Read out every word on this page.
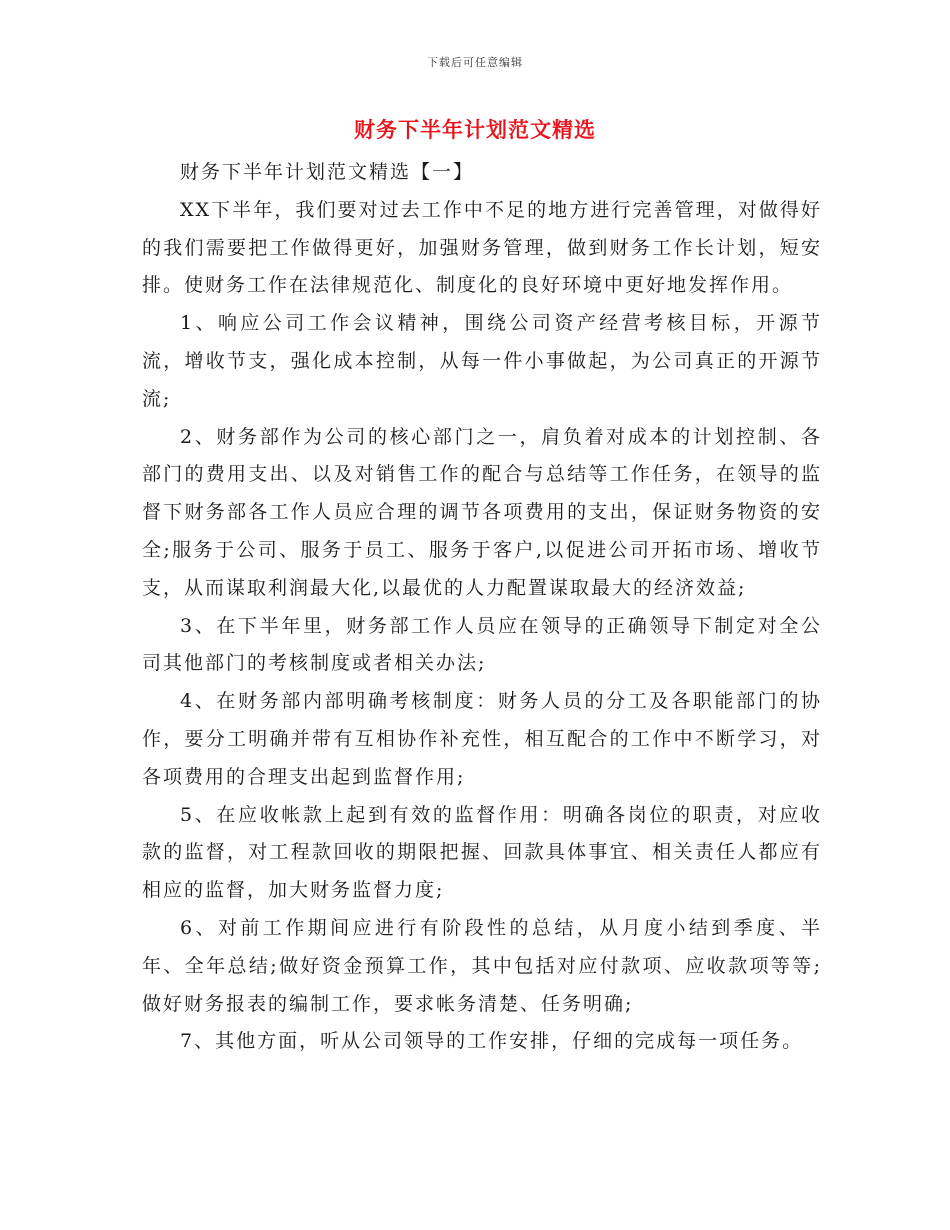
下载后可任意编辑
财务下半年计划范文精选

财务下半年计划范文精选【一】

XX下半年，我们要对过去工作中不足的地方进行完善管理，对做得好的我们需要把工作做得更好，加强财务管理，做到财务工作长计划，短安排。使财务工作在法律规范化、制度化的良好环境中更好地发挥作用。

1、响应公司工作会议精神，围绕公司资产经营考核目标，开源节流，增收节支，强化成本控制，从每一件小事做起，为公司真正的开源节流;

2、财务部作为公司的核心部门之一，肩负着对成本的计划控制、各部门的费用支出、以及对销售工作的配合与总结等工作任务，在领导的监督下财务部各工作人员应合理的调节各项费用的支出，保证财务物资的安全;服务于公司、服务于员工、服务于客户,以促进公司开拓市场、增收节支，从而谋取利润最大化,以最优的人力配置谋取最大的经济效益;

3、在下半年里，财务部工作人员应在领导的正确领导下制定对全公司其他部门的考核制度或者相关办法;

4、在财务部内部明确考核制度：财务人员的分工及各职能部门的协作，要分工明确并带有互相协作补充性，相互配合的工作中不断学习，对各项费用的合理支出起到监督作用;

5、在应收帐款上起到有效的监督作用：明确各岗位的职责，对应收款的监督，对工程款回收的期限把握、回款具体事宜、相关责任人都应有相应的监督，加大财务监督力度;

6、对前工作期间应进行有阶段性的总结，从月度小结到季度、半年、全年总结;做好资金预算工作，其中包括对应付款项、应收款项等等;做好财务报表的编制工作，要求帐务清楚、任务明确;

7、其他方面，听从公司领导的工作安排，仔细的完成每一项任务。
